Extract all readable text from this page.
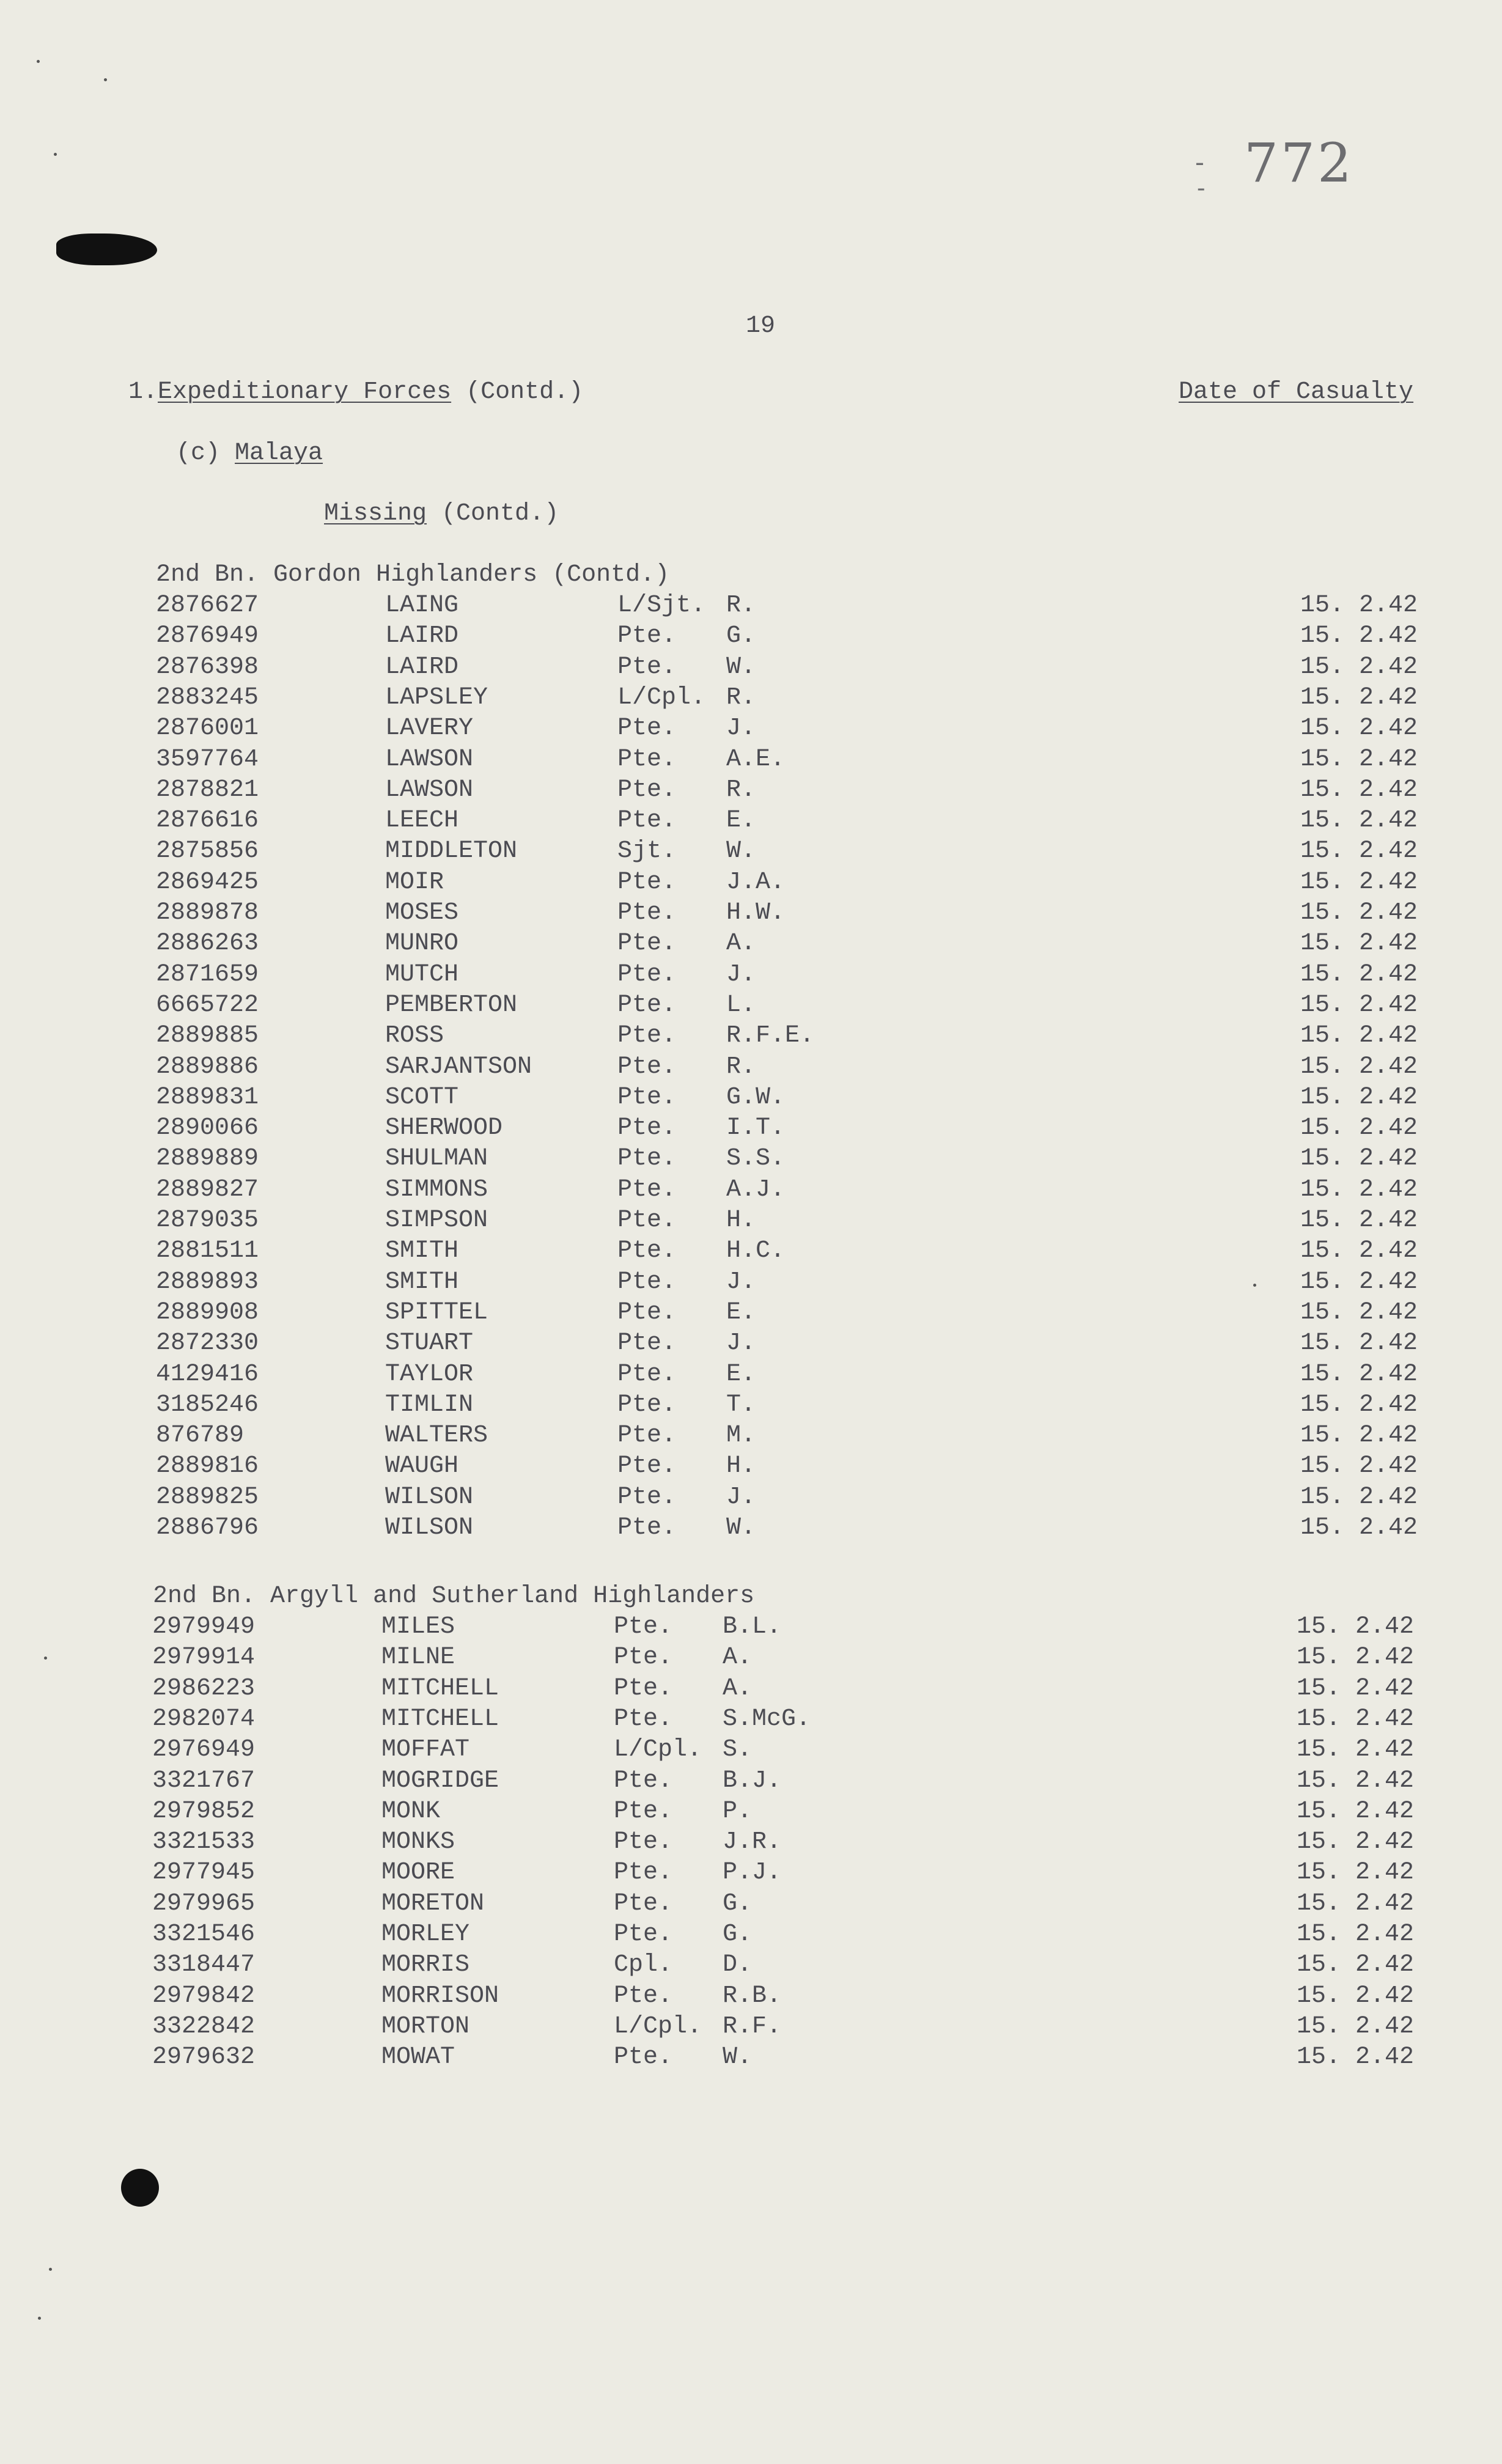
-
- 772
19
1.Expeditionary Forces (Contd.)	Date of Casualty
(c) Malaya
Missing (Contd.)
2nd Bn. Gordon Highlanders (Contd.)
2876627	LAING	L/Sjt. R.	15. 2.42
2876949	LAIRD	Pte. G.	15. 2.42
2876398	LAIRD	Pte. W.	15. 2.42
2883245	LAPSLEY	L/Cpl. R.	15. 2.42
2876001	LAVERY	Pte. J.	15. 2.42
3597764	LAWSON	Pte. A.E.	15. 2.42
2878821	LAWSON	Pte. R.	15. 2.42
2876616	LEECH	Pte. E.	15. 2.42
2875856	MIDDLETON	Sjt. W.	15. 2.42
2869425	MOIR	Pte. J.A.	15. 2.42
2889878	MOSES	Pte. H.W.	15. 2.42
2886263	MUNRO	Pte. A.	15. 2.42
2871659	MUTCH	Pte. J.	15. 2.42
6665722	PEMBERTON	Pte. L.	15. 2.42
2889885	ROSS	Pte. R.F.E.	15. 2.42
2889886	SARJANTSON	Pte. R.	15. 2.42
2889831	SCOTT	Pte. G.W.	15. 2.42
2890066	SHERWOOD	Pte. I.T.	15. 2.42
2889889	SHULMAN	Pte. S.S.	15. 2.42
2889827	SIMMONS	Pte. A.J.	15. 2.42
2879035	SIMPSON	Pte. H.	15. 2.42
2881511	SMITH	Pte. H.C.	15. 2.42
2889893	SMITH	Pte. J.	15. 2.42
2889908	SPITTEL	Pte. E.	15. 2.42
2872330	STUART	Pte. J.	15. 2.42
4129416	TAYLOR	Pte. E.	15. 2.42
3185246	TIMLIN	Pte. T.	15. 2.42
876789	WALTERS	Pte. M.	15. 2.42
2889816	WAUGH	Pte. H.	15. 2.42
2889825	WILSON	Pte. J.	15. 2.42
2886796	WILSON	Pte. W.	15. 2.42
2nd Bn. Argyll and Sutherland Highlanders
2979949	MILES	Pte. B.L.	15. 2.42
2979914	MILNE	Pte. A.	15. 2.42
2986223	MITCHELL	Pte. A.	15. 2.42
2982074	MITCHELL	Pte. S.McG.	15. 2.42
2976949	MOFFAT	L/Cpl. S.	15. 2.42
3321767	MOGRIDGE	Pte. B.J.	15. 2.42
2979852	MONK	Pte. P.	15. 2.42
3321533	MONKS	Pte. J.R.	15. 2.42
2977945	MOORE	Pte. P.J.	15. 2.42
2979965	MORETON	Pte. G.	15. 2.42
3321546	MORLEY	Pte. G.	15. 2.42
3318447	MORRIS	Cpl. D.	15. 2.42
2979842	MORRISON	Pte. R.B.	15. 2.42
3322842	MORTON	L/Cpl. R.F.	15. 2.42
2979632	MOWAT	Pte. W.	15. 2.42
